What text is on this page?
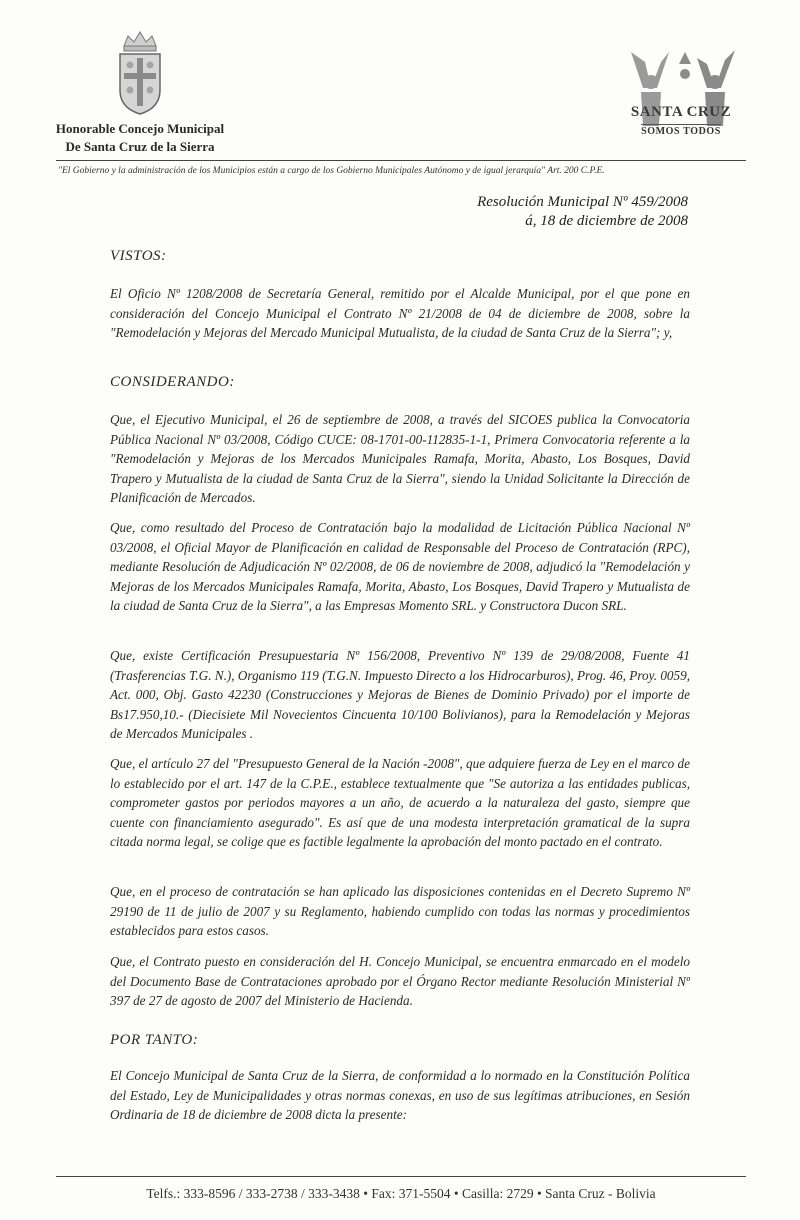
Honorable Concejo Municipal
De Santa Cruz de la Sierra
SANTA CRUZ
SOMOS TODOS
"El Gobierno y la administración de los Municipios están a cargo de los Gobierno Municipales Autónomo y de igual jerarquía" Art. 200 C.P.E.
Resolución Municipal Nº 459/2008
á, 18 de diciembre de 2008
VISTOS:

El Oficio Nº 1208/2008 de Secretaría General, remitido por el Alcalde Municipal, por el que pone en consideración del Concejo Municipal el Contrato Nº 21/2008 de 04 de diciembre de 2008, sobre la "Remodelación y Mejoras del Mercado Municipal Mutualista, de la ciudad de Santa Cruz de la Sierra"; y,

CONSIDERANDO:

Que, el Ejecutivo Municipal, el 26 de septiembre de 2008, a través del SICOES publica la Convocatoria Pública Nacional Nº 03/2008, Código CUCE: 08-1701-00-112835-1-1, Primera Convocatoria referente a la "Remodelación y Mejoras de los Mercados Municipales Ramafa, Morita, Abasto, Los Bosques, David Trapero y Mutualista de la ciudad de Santa Cruz de la Sierra", siendo la Unidad Solicitante la Dirección de Planificación de Mercados.

Que, como resultado del Proceso de Contratación bajo la modalidad de Licitación Pública Nacional Nº 03/2008, el Oficial Mayor de Planificación en calidad de Responsable del Proceso de Contratación (RPC), mediante Resolución de Adjudicación Nº 02/2008, de 06 de noviembre de 2008, adjudicó la "Remodelación y Mejoras de los Mercados Municipales Ramafa, Morita, Abasto, Los Bosques, David Trapero y Mutualista de la ciudad de Santa Cruz de la Sierra", a las Empresas Momento SRL. y Constructora Ducon SRL.

Que, existe Certificación Presupuestaria Nº 156/2008, Preventivo Nº 139 de 29/08/2008, Fuente 41 (Trasferencias T.G. N.), Organismo 119 (T.G.N. Impuesto Directo a los Hidrocarburos), Prog. 46, Proy. 0059, Act. 000, Obj. Gasto 42230 (Construcciones y Mejoras de Bienes de Dominio Privado) por el importe de Bs17.950,10.- (Diecisiete Mil Novecientos Cincuenta 10/100 Bolivianos), para la Remodelación y Mejoras de Mercados Municipales .

Que, el artículo 27 del "Presupuesto General de la Nación -2008", que adquiere fuerza de Ley en el marco de lo establecido por el art. 147 de la C.P.E., establece textualmente que "Se autoriza a las entidades publicas, comprometer gastos por periodos mayores a un año, de acuerdo a la naturaleza del gasto, siempre que cuente con financiamiento asegurado". Es así que de una modesta interpretación gramatical de la supra citada norma legal, se colige que es factible legalmente la aprobación del monto pactado en el contrato.

Que, en el proceso de contratación se han aplicado las disposiciones contenidas en el Decreto Supremo Nº 29190 de 11 de julio de 2007 y su Reglamento, habiendo cumplido con todas las normas y procedimientos establecidos para estos casos.

Que, el Contrato puesto en consideración del H. Concejo Municipal, se encuentra enmarcado en el modelo del Documento Base de Contrataciones aprobado por el Órgano Rector mediante Resolución Ministerial Nº 397 de 27 de agosto de 2007 del Ministerio de Hacienda.

POR TANTO:

El Concejo Municipal de Santa Cruz de la Sierra, de conformidad a lo normado en la Constitución Política del Estado, Ley de Municipalidades y otras normas conexas, en uso de sus legítimas atribuciones, en Sesión Ordinaria de 18 de diciembre de 2008 dicta la presente:

Telfs.: 333-8596 / 333-2738 / 333-3438 • Fax: 371-5504 • Casilla: 2729 • Santa Cruz - Bolivia
